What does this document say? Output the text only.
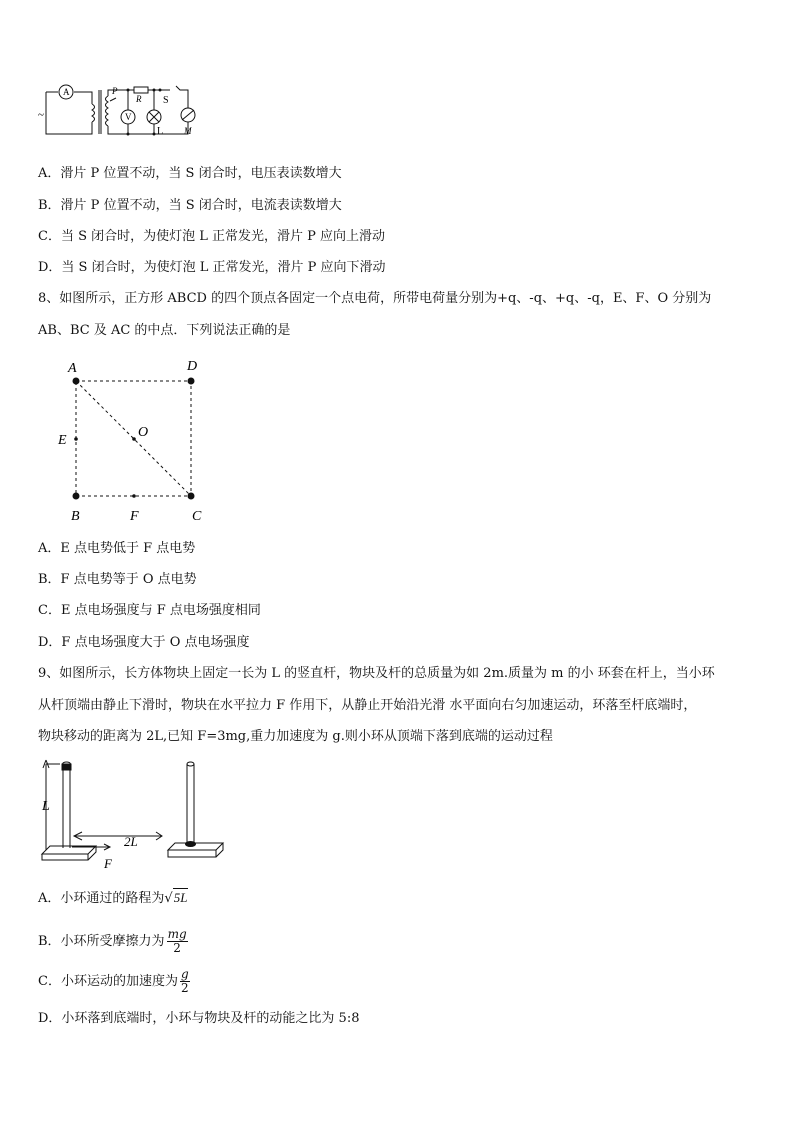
A
~
P
R S
V
L M
A．滑片 P 位置不动，当 S 闭合时，电压表读数增大
B．滑片 P 位置不动，当 S 闭合时，电流表读数增大
C．当 S 闭合时，为使灯泡 L 正常发光，滑片 P 应向上滑动
D．当 S 闭合时，为使灯泡 L 正常发光，滑片 P 应向下滑动
8、如图所示，正方形 ABCD 的四个顶点各固定一个点电荷，所带电荷量分别为+q、-q、+q、-q，E、F、O 分别为
AB、BC 及 AC 的中点．下列说法正确的是
A	D
E
O
B	F	C
A．E 点电势低于 F 点电势
B．F 点电势等于 O 点电势
C．E 点电场强度与 F 点电场强度相同
D．F 点电场强度大于 O 点电场强度
9、如图所示，长方体物块上固定一长为 L 的竖直杆，物块及杆的总质量为如 2m.质量为 m 的小 环套在杆上，当小环
从杆顶端由静止下滑时，物块在水平拉力 F 作用下，从静止开始沿光滑 水平面向右匀加速运动，环落至杆底端时，
物块移动的距离为 2L,已知 F=3mg,重力加速度为 g.则小环从顶端下落到底端的运动过程
L
2L
F
A．小环通过的路程为√5L
B．小环所受摩擦力为 $\frac{mg}{2}$
C．小环运动的加速度为 $\frac{g}{2}$
D．小环落到底端时，小环与物块及杆的动能之比为 5:8
